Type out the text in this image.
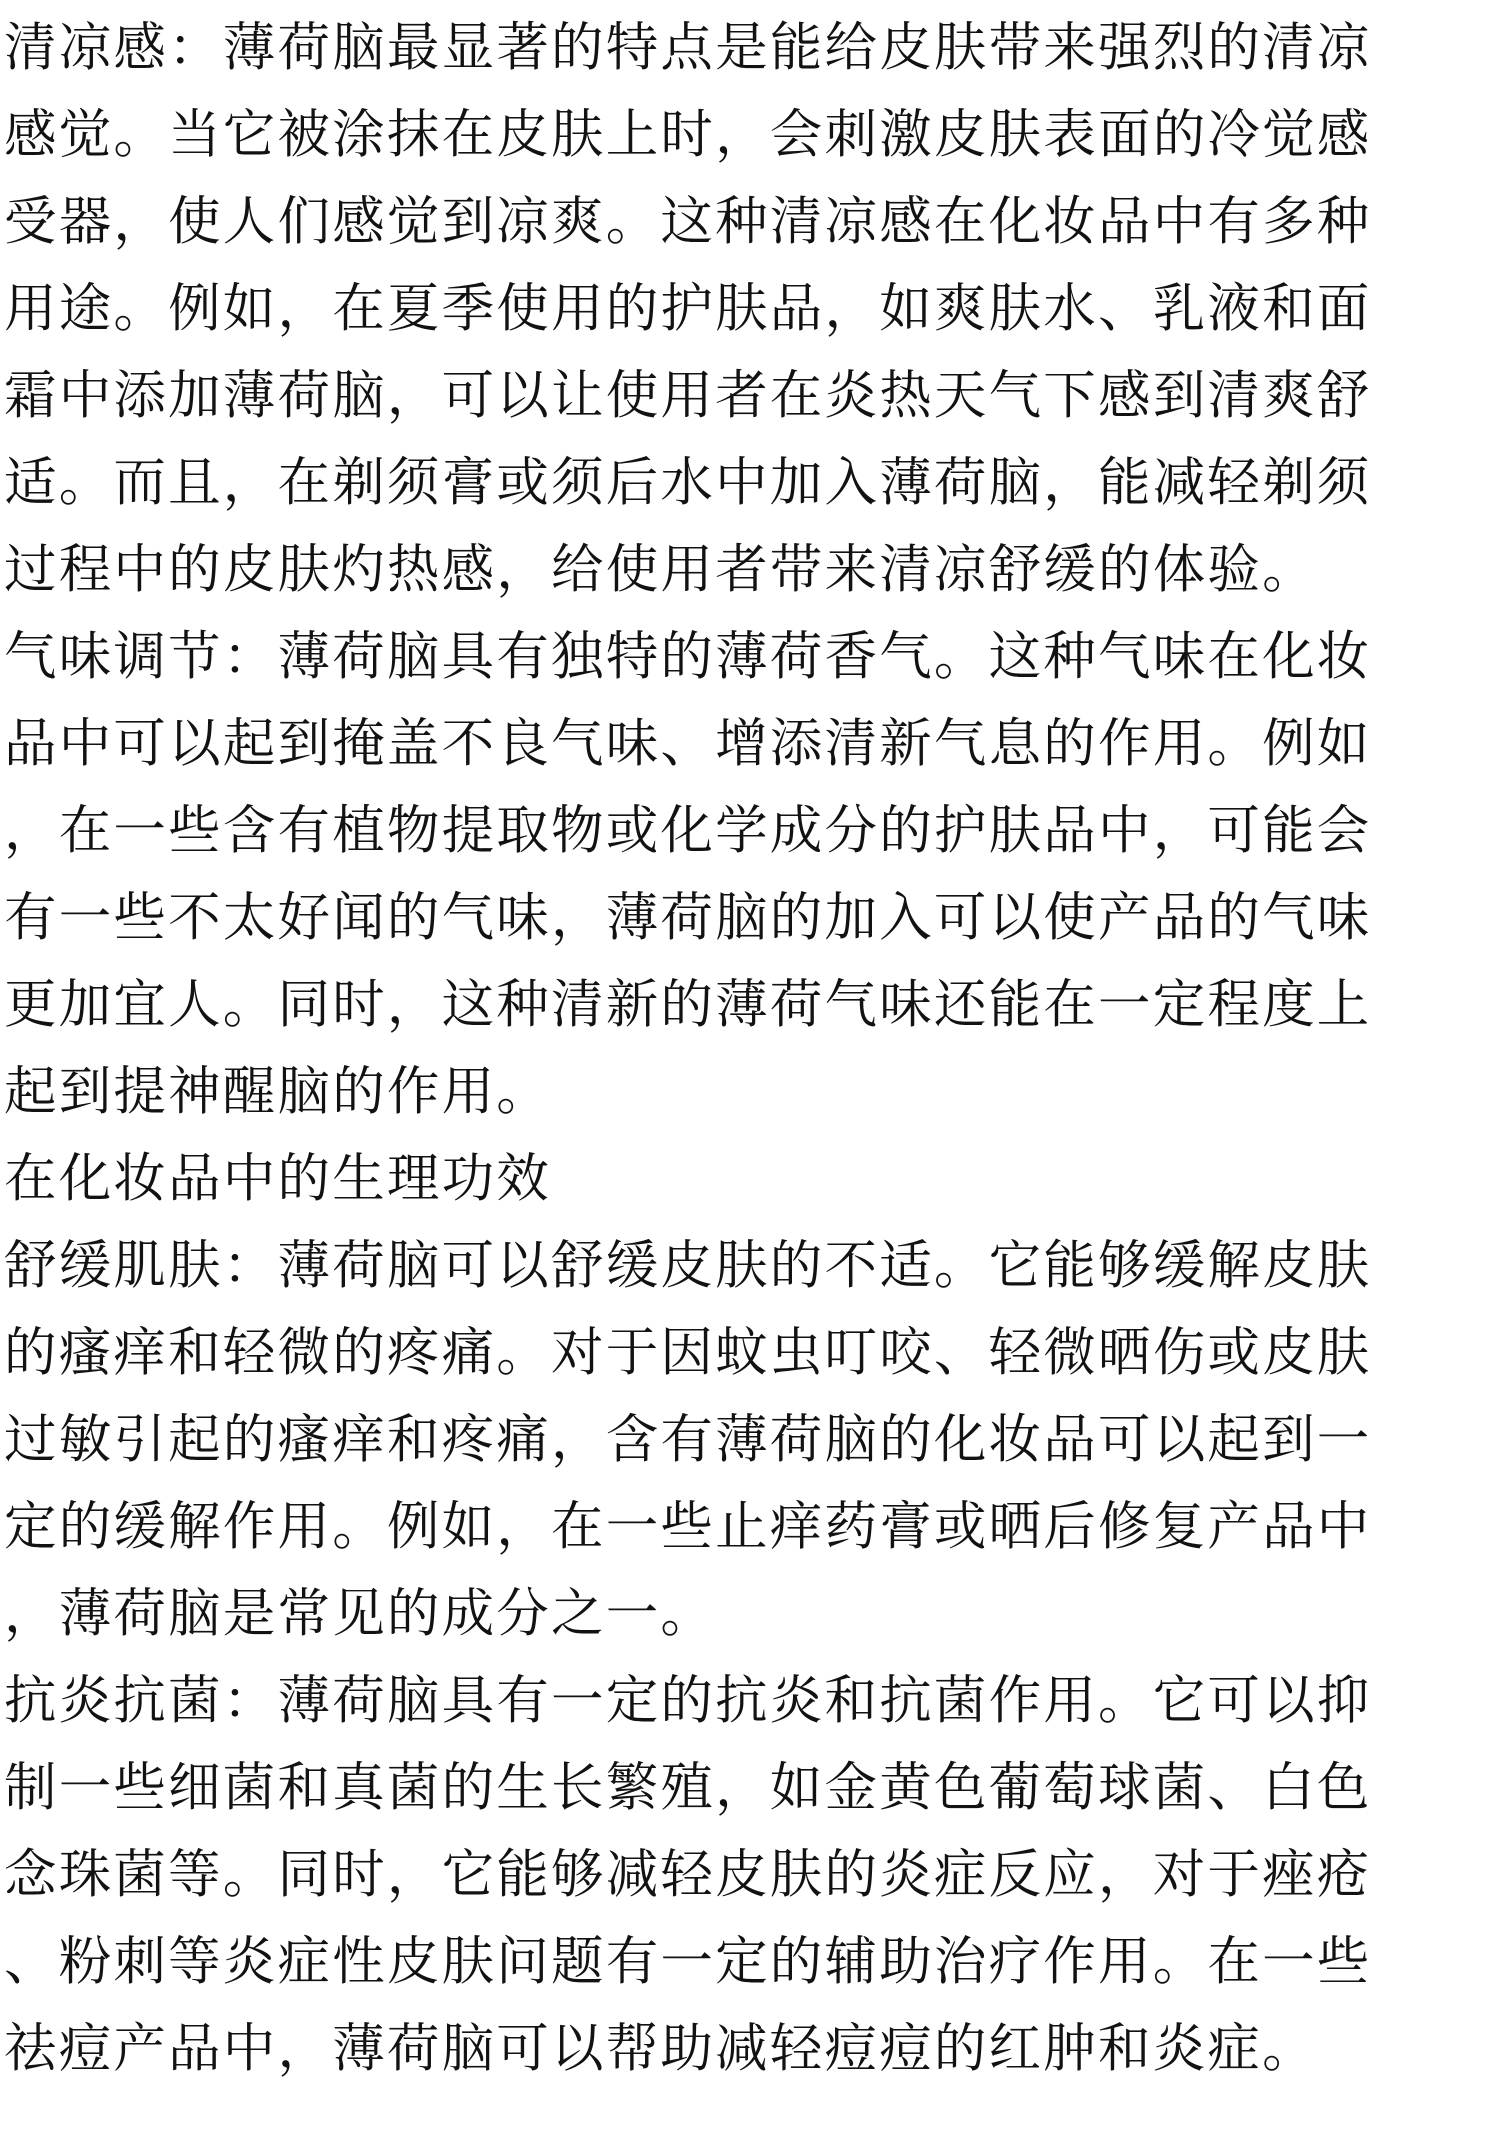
清凉感：薄荷脑最显著的特点是能给皮肤带来强烈的清凉
感觉。当它被涂抹在皮肤上时，会刺激皮肤表面的冷觉感
受器，使人们感觉到凉爽。这种清凉感在化妆品中有多种
用途。例如，在夏季使用的护肤品，如爽肤水、乳液和面
霜中添加薄荷脑，可以让使用者在炎热天气下感到清爽舒
适。而且，在剃须膏或须后水中加入薄荷脑，能减轻剃须
过程中的皮肤灼热感，给使用者带来清凉舒缓的体验。
气味调节：薄荷脑具有独特的薄荷香气。这种气味在化妆
品中可以起到掩盖不良气味、增添清新气息的作用。例如
，在一些含有植物提取物或化学成分的护肤品中，可能会
有一些不太好闻的气味，薄荷脑的加入可以使产品的气味
更加宜人。同时，这种清新的薄荷气味还能在一定程度上
起到提神醒脑的作用。
在化妆品中的生理功效
舒缓肌肤：薄荷脑可以舒缓皮肤的不适。它能够缓解皮肤
的瘙痒和轻微的疼痛。对于因蚊虫叮咬、轻微晒伤或皮肤
过敏引起的瘙痒和疼痛，含有薄荷脑的化妆品可以起到一
定的缓解作用。例如，在一些止痒药膏或晒后修复产品中
，薄荷脑是常见的成分之一。
抗炎抗菌：薄荷脑具有一定的抗炎和抗菌作用。它可以抑
制一些细菌和真菌的生长繁殖，如金黄色葡萄球菌、白色
念珠菌等。同时，它能够减轻皮肤的炎症反应，对于痤疮
、粉刺等炎症性皮肤问题有一定的辅助治疗作用。在一些
祛痘产品中，薄荷脑可以帮助减轻痘痘的红肿和炎症。
